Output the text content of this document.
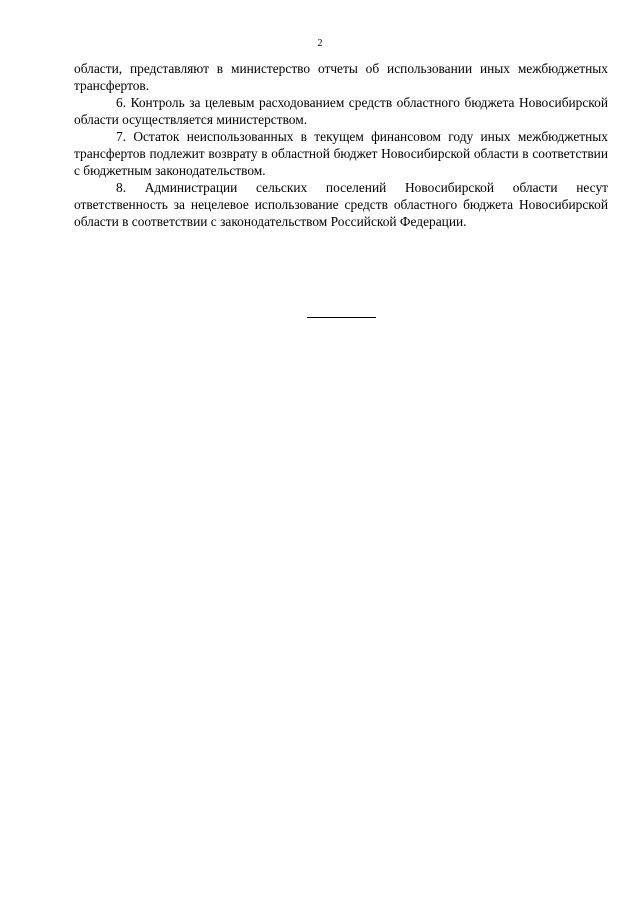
2

области, представляют в министерство отчеты об использовании иных межбюджетных трансфертов.

6. Контроль за целевым расходованием средств областного бюджета Новосибирской области осуществляется министерством.

7. Остаток неиспользованных в текущем финансовом году иных межбюджетных трансфертов подлежит возврату в областной бюджет Новосибирской области в соответствии с бюджетным законодательством.

8. Администрации сельских поселений Новосибирской области несут ответственность за нецелевое использование средств областного бюджета Новосибирской области в соответствии с законодательством Российской Федерации.
